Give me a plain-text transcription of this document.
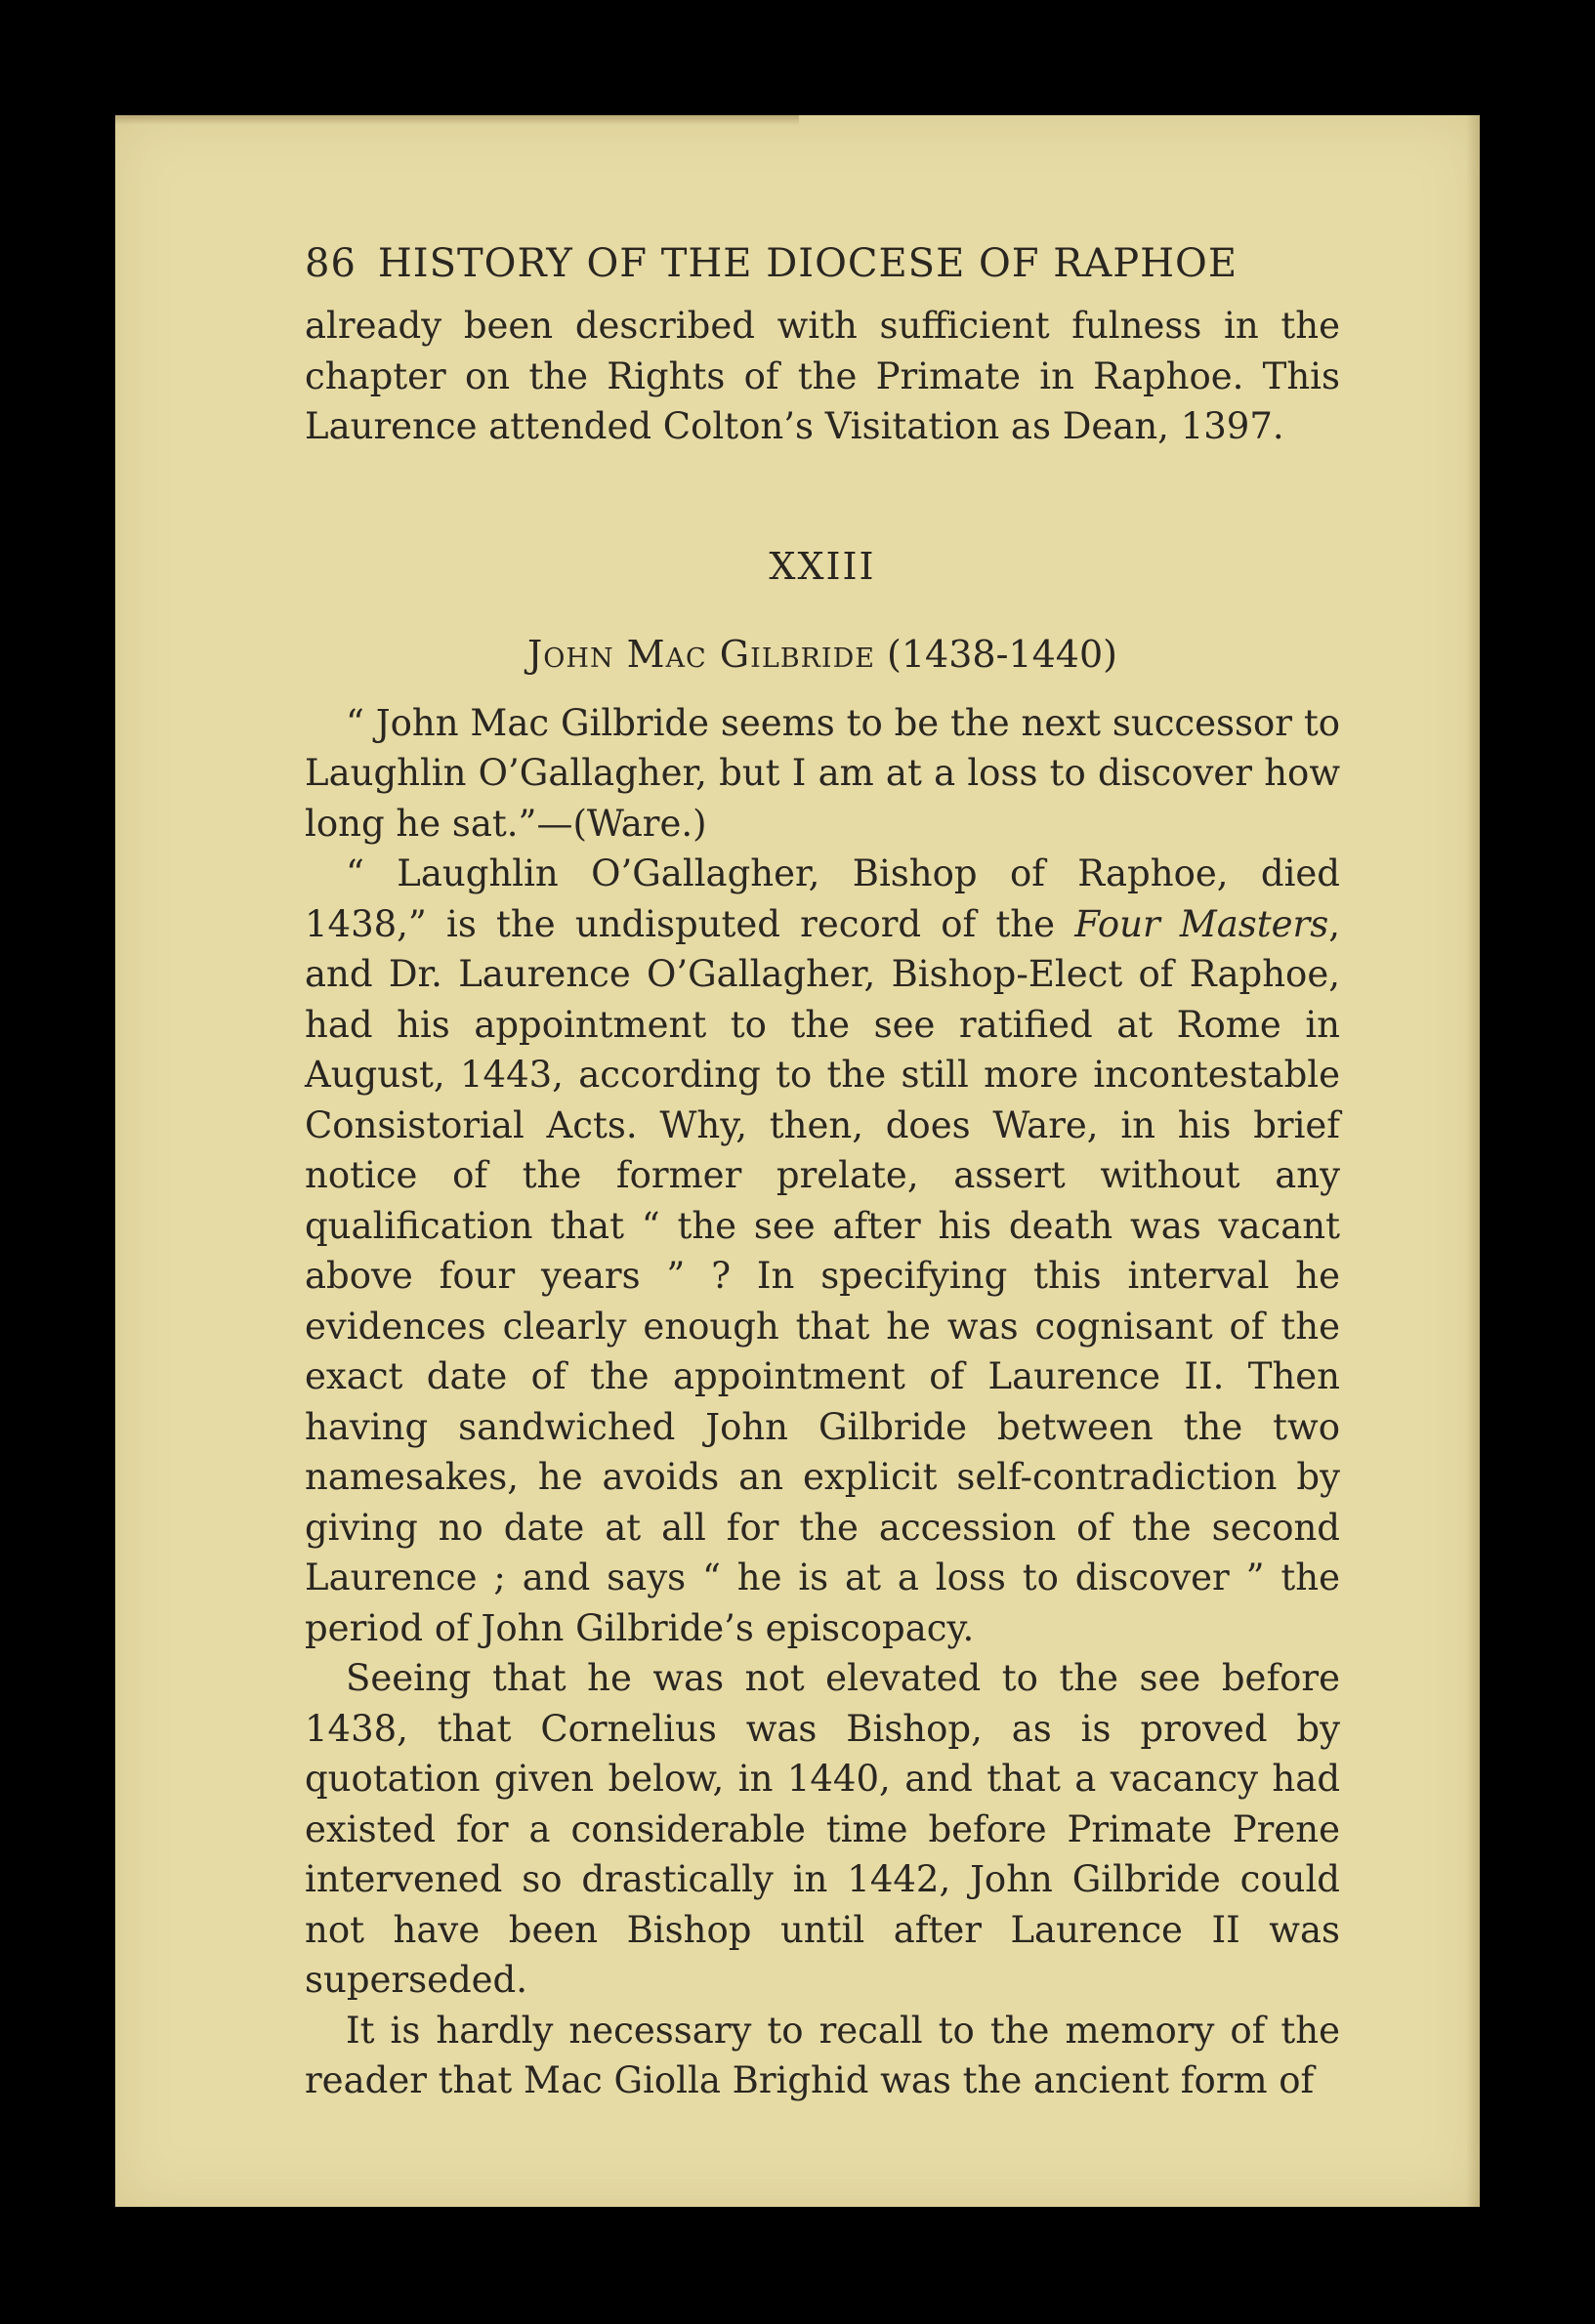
86 HISTORY OF THE DIOCESE OF RAPHOE

already been described with sufficient fulness in the chapter on the Rights of the Primate in Raphoe. This Laurence attended Colton’s Visitation as Dean, 1397.

XXIII
John Mac Gilbride (1438-1440)

“ John Mac Gilbride seems to be the next successor to Laughlin O’Gallagher, but I am at a loss to discover how long he sat.”—(Ware.)

“ Laughlin O’Gallagher, Bishop of Raphoe, died 1438,” is the undisputed record of the Four Masters, and Dr. Laurence O’Gallagher, Bishop-Elect of Raphoe, had his appointment to the see ratified at Rome in August, 1443, according to the still more incontestable Consistorial Acts. Why, then, does Ware, in his brief notice of the former prelate, assert without any qualification that “ the see after his death was vacant above four years ” ? In specifying this interval he evidences clearly enough that he was cognisant of the exact date of the appointment of Laurence II. Then having sandwiched John Gilbride between the two namesakes, he avoids an explicit self-contradiction by giving no date at all for the accession of the second Laurence ; and says “ he is at a loss to discover ” the period of John Gilbride’s episcopacy.

Seeing that he was not elevated to the see before 1438, that Cornelius was Bishop, as is proved by quotation given below, in 1440, and that a vacancy had existed for a considerable time before Primate Prene intervened so drastically in 1442, John Gilbride could not have been Bishop until after Laurence II was superseded.

It is hardly necessary to recall to the memory of the reader that Mac Giolla Brighid was the ancient form of
